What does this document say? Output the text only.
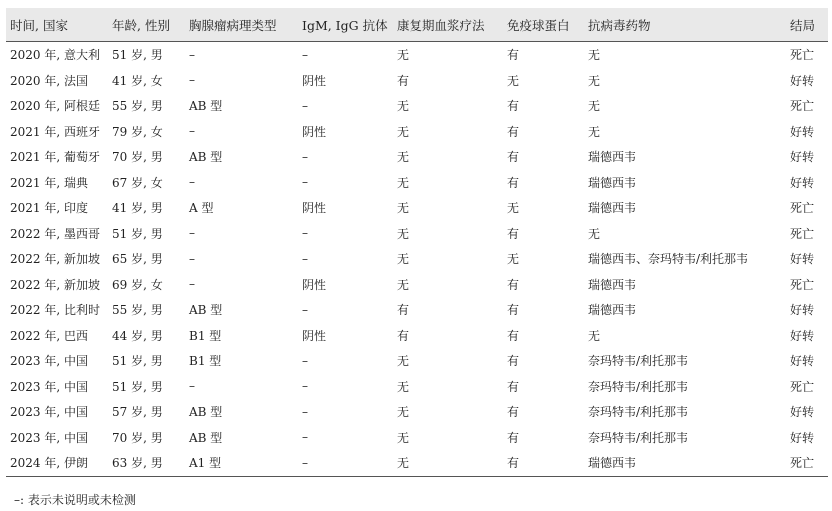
时间, 国家	年龄, 性别	胸腺瘤病理类型	IgM, IgG 抗体	康复期血浆疗法	免疫球蛋白	抗病毒药物	结局
2020 年, 意大利	51 岁, 男	–	–	无	有	无	死亡
2020 年, 法国	41 岁, 女	–	阴性	有	无	无	好转
2020 年, 阿根廷	55 岁, 男	AB 型	–	无	有	无	死亡
2021 年, 西班牙	79 岁, 女	–	阴性	无	有	无	好转
2021 年, 葡萄牙	70 岁, 男	AB 型	–	无	有	瑞德西韦	好转
2021 年, 瑞典	67 岁, 女	–	–	无	有	瑞德西韦	好转
2021 年, 印度	41 岁, 男	A 型	阴性	无	无	瑞德西韦	死亡
2022 年, 墨西哥	51 岁, 男	–	–	无	有	无	死亡
2022 年, 新加坡	65 岁, 男	–	–	无	无	瑞德西韦、奈玛特韦/利托那韦	好转
2022 年, 新加坡	69 岁, 女	–	阴性	无	有	瑞德西韦	死亡
2022 年, 比利时	55 岁, 男	AB 型	–	有	有	瑞德西韦	好转
2022 年, 巴西	44 岁, 男	B1 型	阴性	有	有	无	好转
2023 年, 中国	51 岁, 男	B1 型	–	无	有	奈玛特韦/利托那韦	好转
2023 年, 中国	51 岁, 男	–	–	无	有	奈玛特韦/利托那韦	死亡
2023 年, 中国	57 岁, 男	AB 型	–	无	有	奈玛特韦/利托那韦	好转
2023 年, 中国	70 岁, 男	AB 型	–	无	有	奈玛特韦/利托那韦	好转
2024 年, 伊朗	63 岁, 男	A1 型	–	无	有	瑞德西韦	死亡
–: 表示未说明或未检测
